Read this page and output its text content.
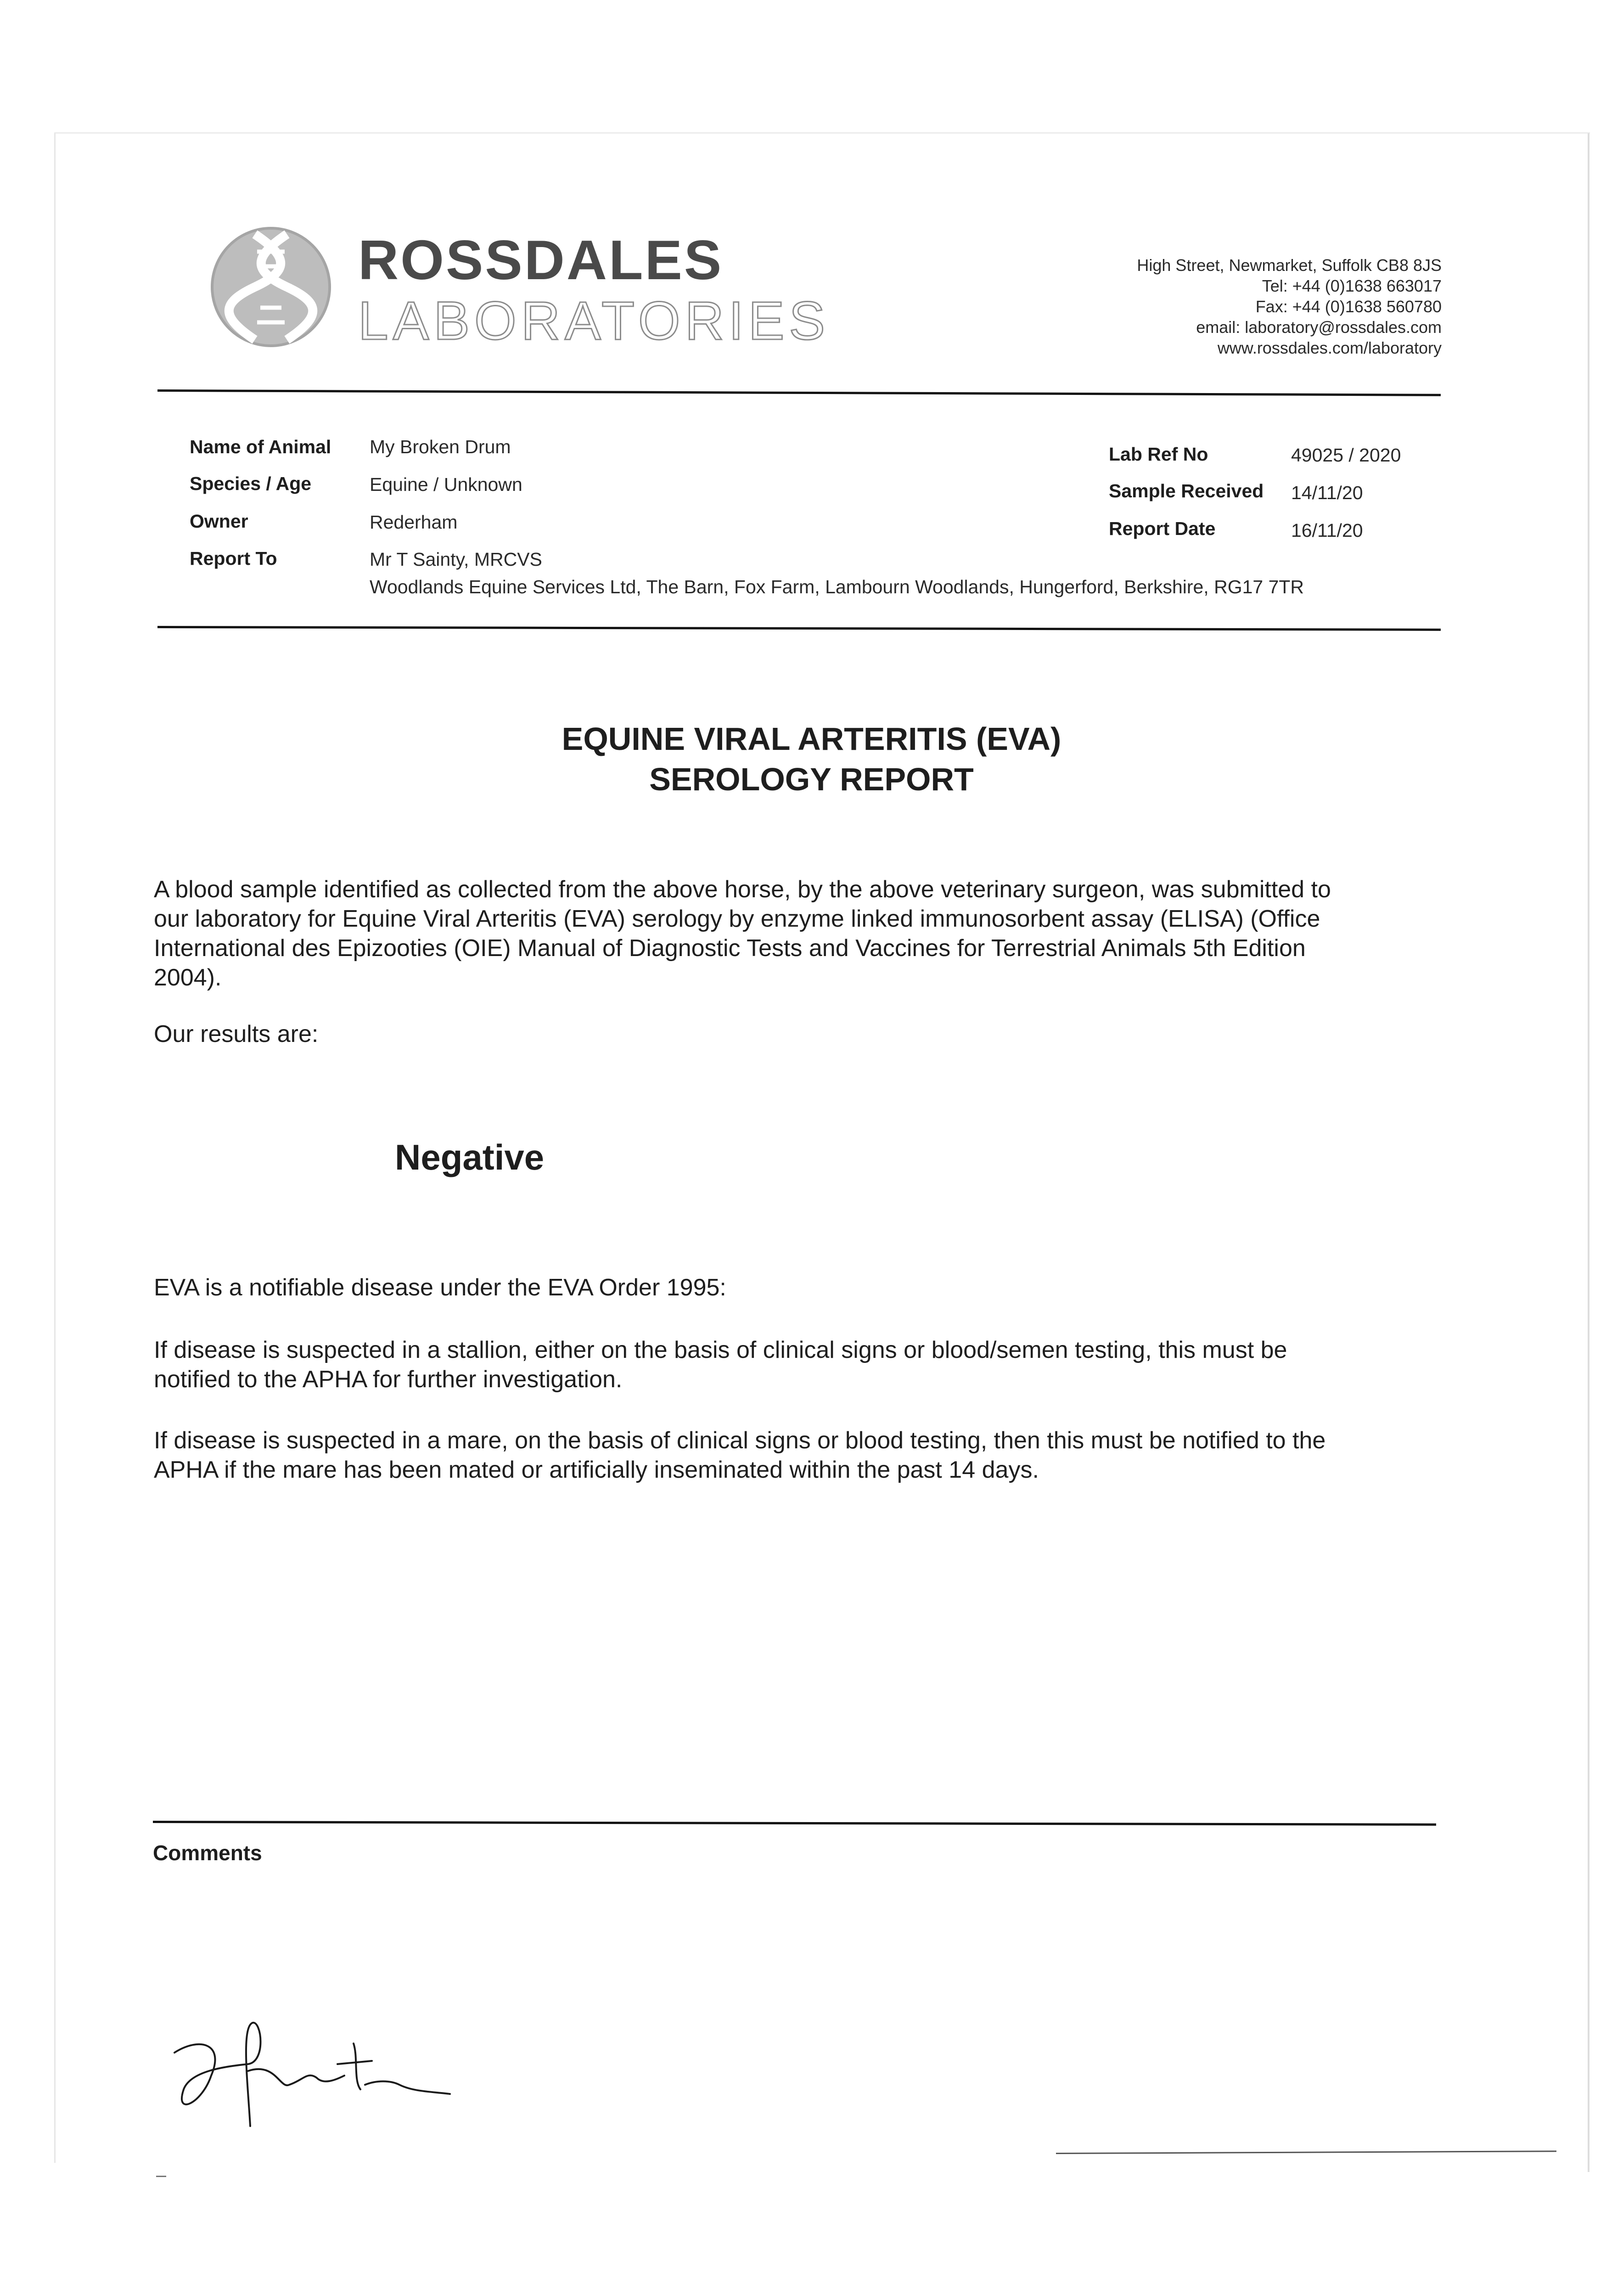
ROSSDALES
LABORATORIES
High Street, Newmarket, Suffolk CB8 8JS
Tel: +44 (0)1638 663017
Fax: +44 (0)1638 560780
email: laboratory@rossdales.com
www.rossdales.com/laboratory
Name of Animal My Broken Drum
Species / Age	Equine / Unknown
Owner	Rederham
Report To	Mr T Sainty, MRCVS
Woodlands Equine Services Ltd, The Barn, Fox Farm, Lambourn Woodlands, Hungerford, Berkshire, RG17 7TR
Lab Ref No	49025 / 2020
Sample Received 14/11/20
Report Date	16/11/20
EQUINE VIRAL ARTERITIS (EVA)
SEROLOGY REPORT
A blood sample identified as collected from the above horse, by the above veterinary surgeon, was submitted to
our laboratory for Equine Viral Arteritis (EVA) serology by enzyme linked immunosorbent assay (ELISA) (Office
International des Epizooties (OIE) Manual of Diagnostic Tests and Vaccines for Terrestrial Animals 5th Edition
2004).
Our results are:
Negative
EVA is a notifiable disease under the EVA Order 1995:
If disease is suspected in a stallion, either on the basis of clinical signs or blood/semen testing, this must be
notified to the APHA for further investigation.
If disease is suspected in a mare, on the basis of clinical signs or blood testing, then this must be notified to the
APHA if the mare has been mated or artificially inseminated within the past 14 days.
Comments
